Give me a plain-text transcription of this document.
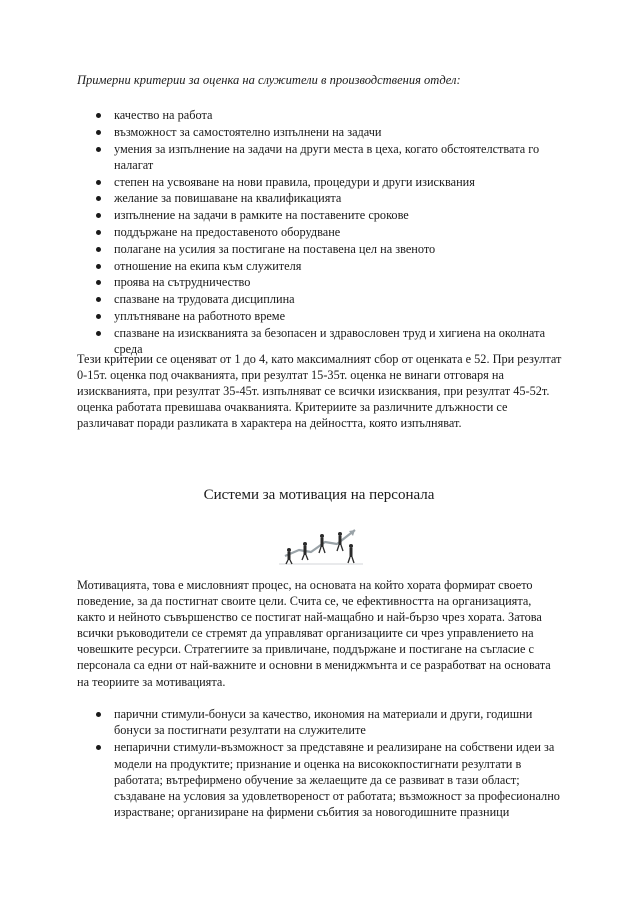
Примерни критерии за оценка на служители в производствения отдел:
качество на работа
възможност за самостоятелно изпълнени на задачи
умения за изпълнение на задачи на други места в цеха, когато обстоятелствата го налагат
степен на усвояване на нови правила, процедури и други изисквания
желание за повишаване на квалификацията
изпълнение на задачи в рамките на поставените срокове
поддържане на предоставеното оборудване
полагане на усилия за постигане на поставена цел на звеното
отношение на екипа към служителя
проява на сътрудничество
спазване на трудовата дисциплина
уплътняване на работното време
спазване на изискванията за безопасен и здравословен труд и хигиена на околната среда

Тези критерии се оценяват от 1 до 4, като максималният сбор от оценката е 52. При резултат 0-15т. оценка под очакванията, при резултат 15-35т. оценка не винаги отговаря на изискванията, при резултат 35-45т. изпълняват се всички изисквания, при резултат 45-52т. оценка работата превишава очакванията. Критериите за различните длъжности се различават поради разликата в характера на дейността, която изпълняват.

Системи за мотивация на персонала

Мотивацията, това е мисловният процес, на основата на който хората формират своето поведение, за да постигнат своите цели. Счита се, че ефективността на организацията, както и нейното съвършенство се постигат най-мащабно и най-бързо чрез хората. Затова всички ръководители се стремят да управляват организациите си чрез управлението на човешките ресурси. Стратегиите за привличане, поддържане и постигане на съгласие с персонала са едни от най-важните и основни в мениджмънта и се разработват на основата на теориите за мотивацията.

парични стимули-бонуси за качество, икономия на материали и други, годишни бонуси за постигнати резултати на служителите
непарични стимули-възможност за представяне и реализиране на собствени идеи за модели на продуктите; признание и оценка на висококпостигнати резултати в работата; вътрефирмено обучение за желаещите да се развиват в тази област; създаване на условия за удовлетвореност от работата; възможност за професионално израстване; организиране на фирмени събития за новогодишните празници
